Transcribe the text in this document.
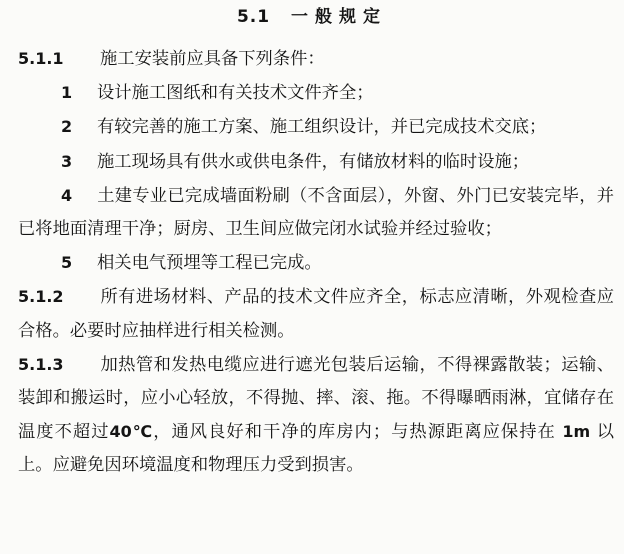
5.1 一般规定

5.1.1 施工安装前应具备下列条件：

1 设计施工图纸和有关技术文件齐全；

2 有较完善的施工方案、施工组织设计，并已完成技术交底；

3 施工现场具有供水或供电条件，有储放材料的临时设施；

4 土建专业已完成墙面粉刷（不含面层），外窗、外门已安装完毕，并已将地面清理干净；厨房、卫生间应做完闭水试验并经过验收；

5 相关电气预埋等工程已完成。

5.1.2 所有进场材料、产品的技术文件应齐全，标志应清晰，外观检查应合格。必要时应抽样进行相关检测。

5.1.3 加热管和发热电缆应进行遮光包装后运输，不得裸露散装；运输、装卸和搬运时，应小心轻放，不得抛、摔、滚、拖。不得曝晒雨淋，宜储存在温度不超过40℃，通风良好和干净的库房内；与热源距离应保持在 1m 以上。应避免因环境温度和物理压力受到损害。
